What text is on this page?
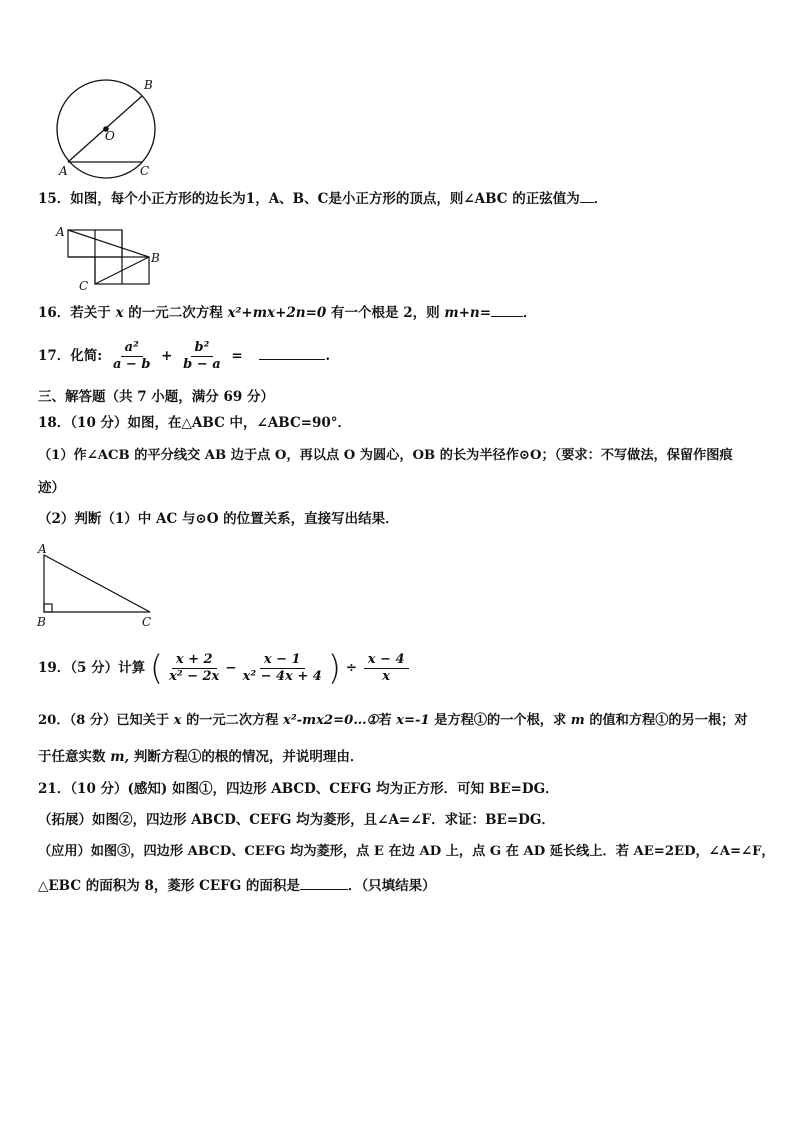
B
O
A	C
15．如图，每个小正方形的边长为1，A、B、C是小正方形的顶点，则∠ABC 的正弦值为 ．
A
B
C
16．若关于 x 的一元二次方程 x²+mx+2n=0 有一个根是 2，则 m+n= ．
17．化简: $\frac{\text{a²}}{a - b} + \frac{\text{b²}}{b - a}$ =	.
三、解答题（共 7 小题，满分 69 分）
18．（10 分）如图，在△ABC 中，∠ABC=90°．
（1）作∠ACB 的平分线交 AB 边于点 O，再以点 O 为圆心，OB 的长为半径作⊙O；（要求：不写做法，保留作图痕
迹）
（2）判断（1）中 AC 与⊙O 的位置关系，直接写出结果．
A
B	C
19．（5 分）计算 ( $\frac{x + 2}{\text{x² − 2x}} - \frac{x - 1}{\text{x² − 4x + 4}}$ ) ÷ $\frac{x - 4}{x}$
20．（8 分）已知关于 x 的一元二次方程 x²-mx2=0…①若 x=-1 是方程①的一个根，求 m 的值和方程①的另一根；对
于任意实数 m, 判断方程①的根的情况，并说明理由．
21．（10 分）(感知) 如图①，四边形 ABCD、CEFG 均为正方形．可知 BE=DG．
（拓展）如图②，四边形 ABCD、CEFG 均为菱形，且∠A=∠F．求证：BE=DG．
（应用）如图③，四边形 ABCD、CEFG 均为菱形，点 E 在边 AD 上，点 G 在 AD 延长线上．若 AE=2ED，∠A=∠F，
△EBC 的面积为 8，菱形 CEFG 的面积是	．（只填结果）
